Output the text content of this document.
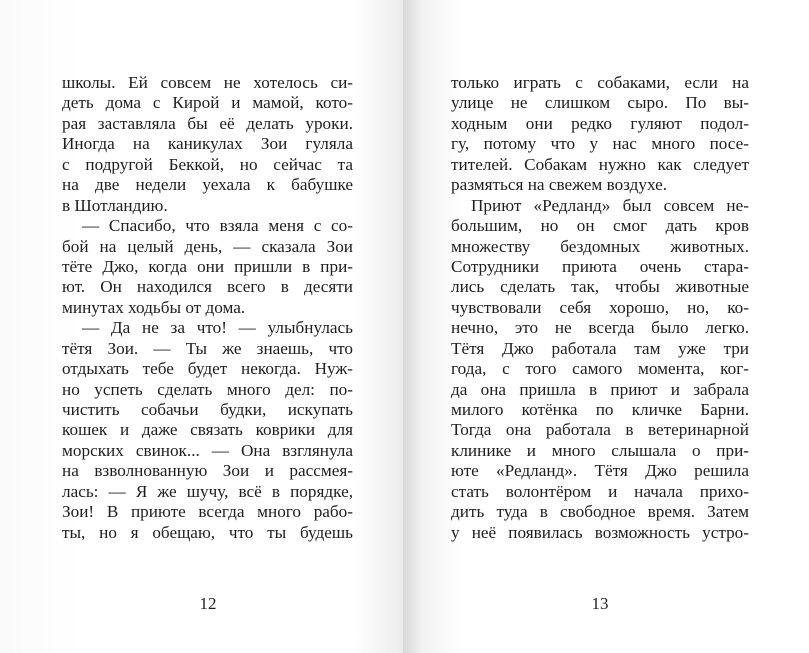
школы. Ей совсем не хотелось си-
деть дома с Кирой и мамой, кото-
рая заставляла бы её делать уроки.
Иногда на каникулах Зои гуляла
с подругой Беккой, но сейчас та
на две недели уехала к бабушке
в Шотландию.
— Спасибо, что взяла меня с со-
бой на целый день, — сказала Зои
тёте Джо, когда они пришли в при-
ют. Он находился всего в десяти
минутах ходьбы от дома.
— Да не за что! — улыбнулась
тётя Зои. — Ты же знаешь, что
отдыхать тебе будет некогда. Нуж-
но успеть сделать много дел: по-
чистить собачьи будки, искупать
кошек и даже связать коврики для
морских свинок... — Она взглянула
на взволнованную Зои и рассмея-
лась: — Я же шучу, всё в порядке,
Зои! В приюте всегда много рабо-
ты, но я обещаю, что ты будешь
12
только играть с собаками, если на
улице не слишком сыро. По вы-
ходным они редко гуляют подол-
гу, потому что у нас много посе-
тителей. Собакам нужно как следует
размяться на свежем воздухе.
Приют «Редланд» был совсем не-
большим, но он смог дать кров
множеству бездомных животных.
Сотрудники приюта очень стара-
лись сделать так, чтобы животные
чувствовали себя хорошо, но, ко-
нечно, это не всегда было легко.
Тётя Джо работала там уже три
года, с того самого момента, ког-
да она пришла в приют и забрала
милого котёнка по кличке Барни.
Тогда она работала в ветеринарной
клинике и много слышала о при-
юте «Редланд». Тётя Джо решила
стать волонтёром и начала прихо-
дить туда в свободное время. Затем
у неё появилась возможность устро-
13
